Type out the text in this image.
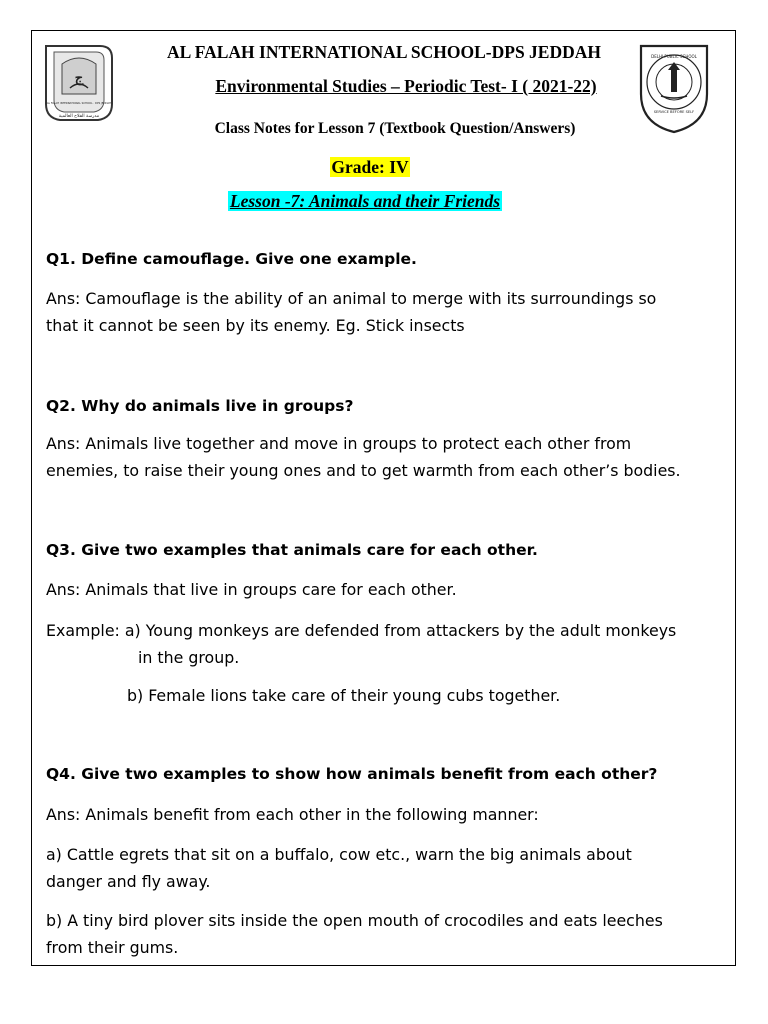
ج
AL FALAH INTERNATIONAL SCHOOL · DPS JEDDAH
مدرسة الفلاح العالمية
DELHI PUBLIC SCHOOL
SERVICE BEFORE SELF
AL FALAH INTERNATIONAL SCHOOL-DPS JEDDAH
Environmental Studies – Periodic Test- I ( 2021-22)
Class Notes for Lesson 7 (Textbook Question/Answers)
Grade: IV
Lesson -7: Animals and their Friends
Q1. Define camouflage. Give one example.
Ans: Camouflage is the ability of an animal to merge with its surroundings so
that it cannot be seen by its enemy. Eg. Stick insects
Q2. Why do animals live in groups?
Ans: Animals live together and move in groups to protect each other from
enemies, to raise their young ones and to get warmth from each other’s bodies.
Q3. Give two examples that animals care for each other.
Ans: Animals that live in groups care for each other.
Example: a) Young monkeys are defended from attackers by the adult monkeys
in the group.
b) Female lions take care of their young cubs together.
Q4. Give two examples to show how animals benefit from each other?
Ans: Animals benefit from each other in the following manner:
a) Cattle egrets that sit on a buffalo, cow etc., warn the big animals about
danger and fly away.
b) A tiny bird plover sits inside the open mouth of crocodiles and eats leeches
from their gums.
